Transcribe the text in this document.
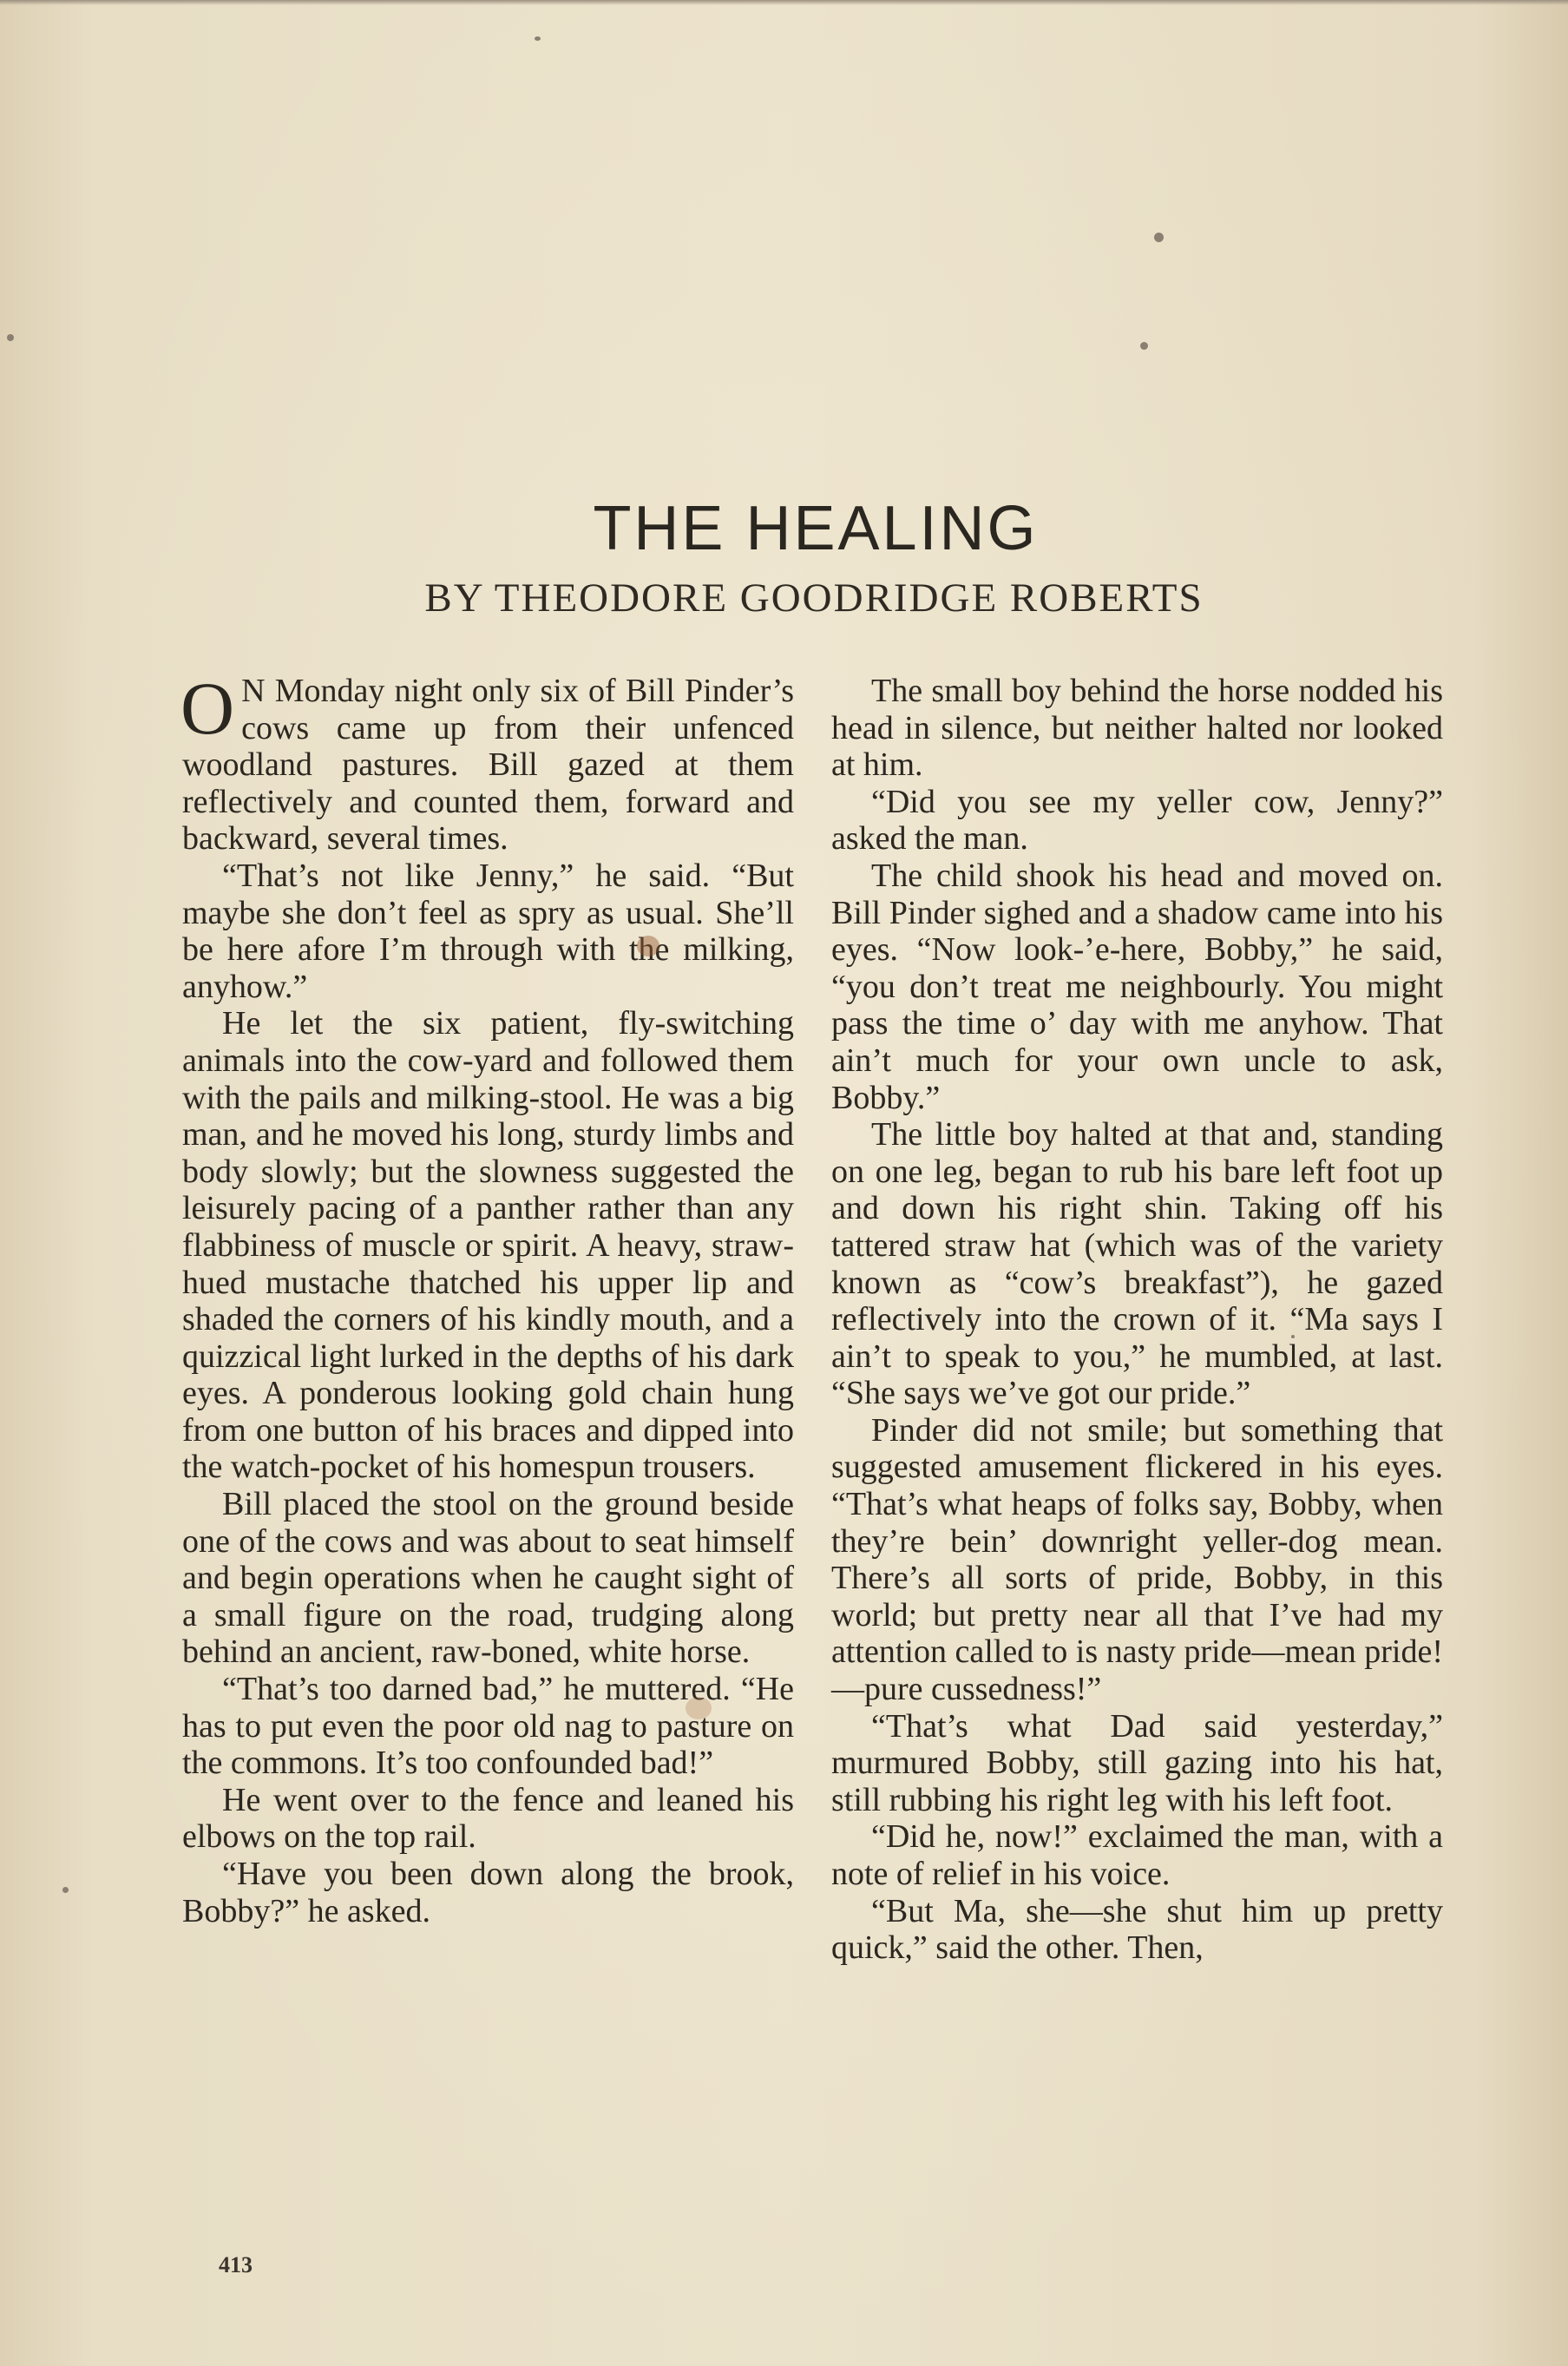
THE HEALING
BY THEODORE GOODRIDGE ROBERTS

O N Monday night only six of Bill Pinder’s cows came up from their unfenced woodland pastures. Bill gazed at them reflectively and counted them, forward and backward, several times.

“That’s not like Jenny,” he said. “But maybe she don’t feel as spry as usual. She’ll be here afore I’m through with the milking, anyhow.”

He let the six patient, fly-switching animals into the cow-yard and followed them with the pails and milking-stool. He was a big man, and he moved his long, sturdy limbs and body slowly; but the slowness suggested the leisurely pacing of a panther rather than any flabbiness of muscle or spirit. A heavy, straw-hued mustache thatched his upper lip and shaded the corners of his kindly mouth, and a quizzical light lurked in the depths of his dark eyes. A ponderous looking gold chain hung from one button of his braces and dipped into the watch-pocket of his homespun trousers.

Bill placed the stool on the ground beside one of the cows and was about to seat himself and begin operations when he caught sight of a small figure on the road, trudging along behind an ancient, raw-boned, white horse.

“That’s too darned bad,” he muttered. “He has to put even the poor old nag to pasture on the commons. It’s too confounded bad!”

He went over to the fence and leaned his elbows on the top rail.

“Have you been down along the brook, Bobby?” he asked.

The small boy behind the horse nodded his head in silence, but neither halted nor looked at him.

“Did you see my yeller cow, Jenny?” asked the man.

The child shook his head and moved on. Bill Pinder sighed and a shadow came into his eyes. “Now look-’e-here, Bobby,” he said, “you don’t treat me neighbourly. You might pass the time o’ day with me anyhow. That ain’t much for your own uncle to ask, Bobby.”

The little boy halted at that and, standing on one leg, began to rub his bare left foot up and down his right shin. Taking off his tattered straw hat (which was of the variety known as “cow’s breakfast”), he gazed reflectively into the crown of it. “Ma says I ain’t to speak to you,” he mumbled, at last. “She says we’ve got our pride.”

Pinder did not smile; but something that suggested amusement flickered in his eyes. “That’s what heaps of folks say, Bobby, when they’re bein’ downright yeller-dog mean. There’s all sorts of pride, Bobby, in this world; but pretty near all that I’ve had my attention called to is nasty pride—mean pride!—pure cussedness!”

“That’s what Dad said yesterday,” murmured Bobby, still gazing into his hat, still rubbing his right leg with his left foot.

“Did he, now!” exclaimed the man, with a note of relief in his voice.

“But Ma, she—she shut him up pretty quick,” said the other. Then,

413
